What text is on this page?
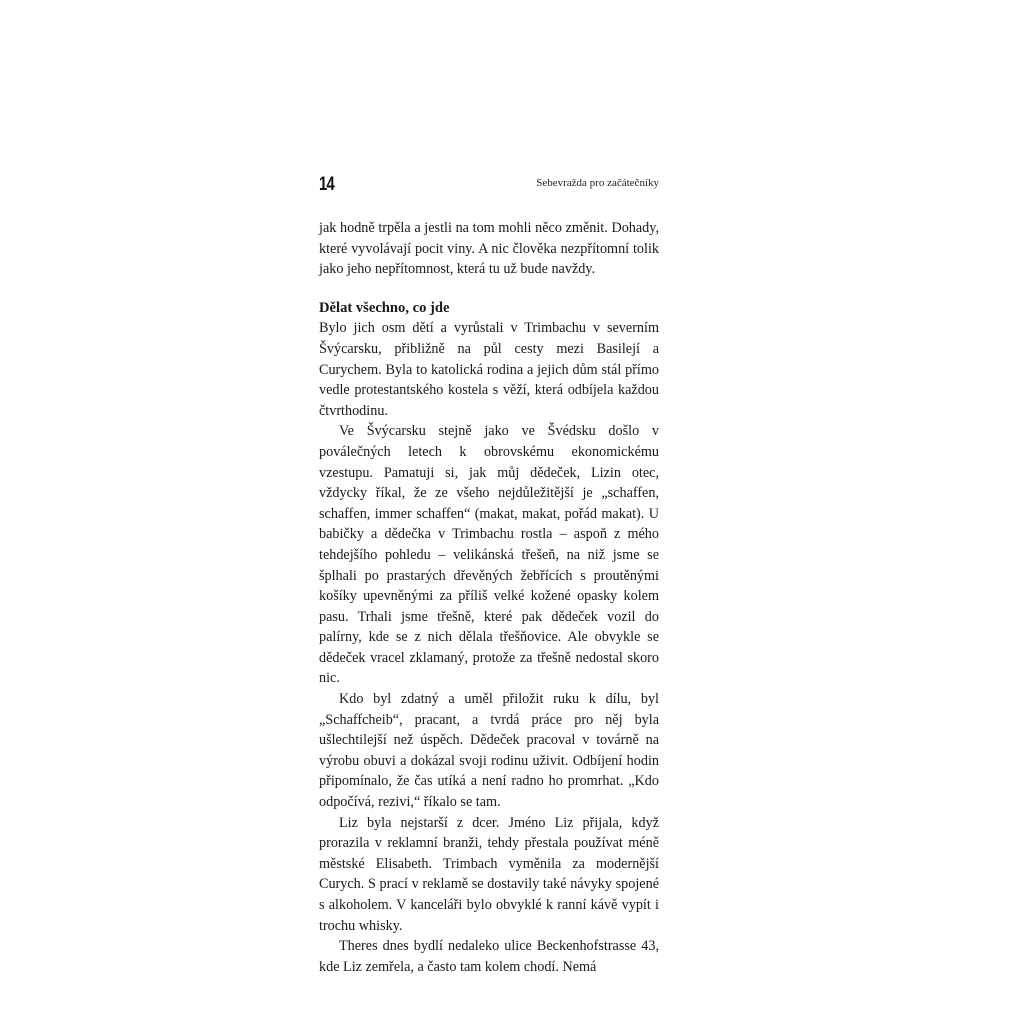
14	Sebevražda pro začátečníky

jak hodně trpěla a jestli na tom mohli něco změnit. Dohady, které vyvolávají pocit viny. A nic člověka nezpřítomní tolik jako jeho nepřítomnost, která tu už bude navždy.

Dělat všechno, co jde

Bylo jich osm dětí a vyrůstali v Trimbachu v severním Švýcarsku, přibližně na půl cesty mezi Basilejí a Curychem. Byla to katolická rodina a jejich dům stál přímo vedle protestantského kostela s věží, která odbíjela každou čtvrthodinu.

Ve Švýcarsku stejně jako ve Švédsku došlo v poválečných letech k obrovskému ekonomickému vzestupu. Pamatuji si, jak můj dědeček, Lizin otec, vždycky říkal, že ze všeho nejdůležitější je „schaffen, schaffen, immer schaffen“ (makat, makat, pořád makat). U babičky a dědečka v Trimbachu rostla – aspoň z mého tehdejšího pohledu – velikánská třešeň, na niž jsme se šplhali po prastarých dřevěných žebřících s proutěnými košíky upevněnými za příliš velké kožené opasky kolem pasu. Trhali jsme třešně, které pak dědeček vozil do palírny, kde se z nich dělala třešňovice. Ale obvykle se dědeček vracel zklamaný, protože za třešně nedostal skoro nic.

Kdo byl zdatný a uměl přiložit ruku k dílu, byl „Schaffcheib“, pracant, a tvrdá práce pro něj byla ušlechtilejší než úspěch. Dědeček pracoval v továrně na výrobu obuvi a dokázal svoji rodinu uživit. Odbíjení hodin připomínalo, že čas utíká a není radno ho promrhat. „Kdo odpočívá, rezivі,“ říkalo se tam.

Liz byla nejstarší z dcer. Jméno Liz přijala, když prorazila v reklamní branži, tehdy přestala používat méně městské Elisabeth. Trimbach vyměnila za modernější Curych. S prací v reklamě se dostavily také návyky spojené s alkoholem. V kanceláři bylo obvyklé k ranní kávě vypít i trochu whisky.

Theres dnes bydlí nedaleko ulice Beckenhofstrasse 43, kde Liz zemřela, a často tam kolem chodí. Nemá
